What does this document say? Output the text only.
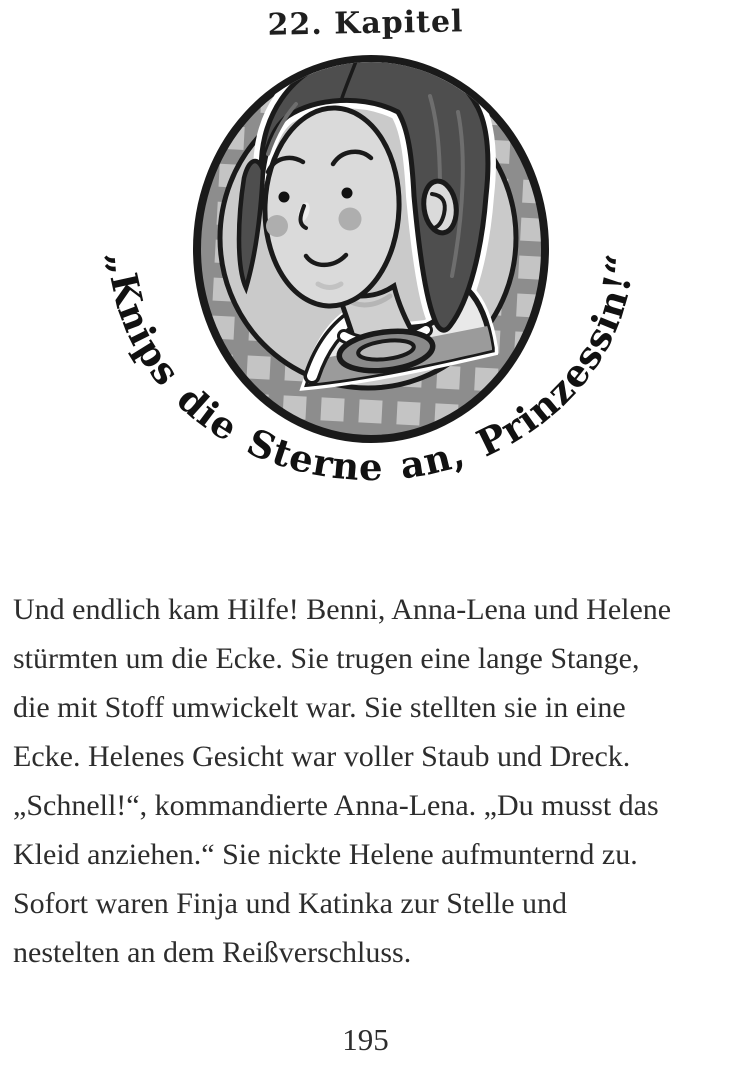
22. Kapitel
„Knips die Sterne an, Prinzessin!“
Und endlich kam Hilfe! Benni, Anna-Lena und Helene
stürmten um die Ecke. Sie trugen eine lange Stange,
die mit Stoff umwickelt war. Sie stellten sie in eine
Ecke. Helenes Gesicht war voller Staub und Dreck.
„Schnell!“, kommandierte Anna-Lena. „Du musst das
Kleid anziehen.“ Sie nickte Helene aufmunternd zu.
Sofort waren Finja und Katinka zur Stelle und
nestelten an dem Reißverschluss.
195
